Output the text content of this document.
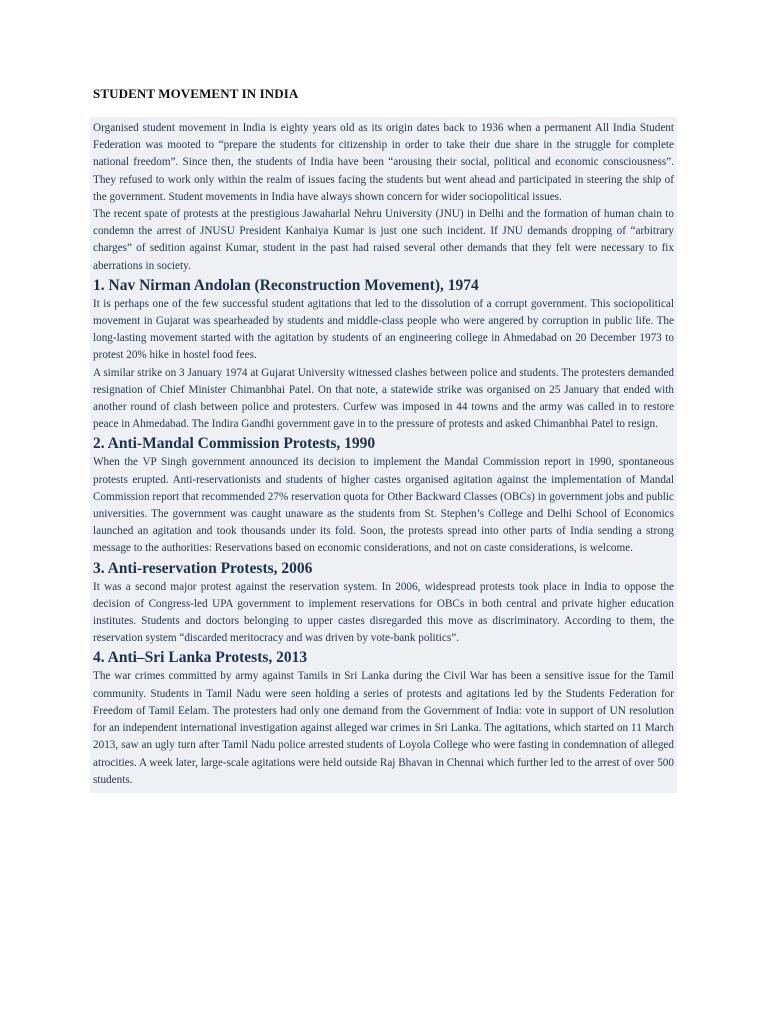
STUDENT MOVEMENT IN INDIA

Organised student movement in India is eighty years old as its origin dates back to 1936 when a permanent All India Student Federation was mooted to “prepare the students for citizenship in order to take their due share in the struggle for complete national freedom”. Since then, the students of India have been “arousing their social, political and economic consciousness”. They refused to work only within the realm of issues facing the students but went ahead and participated in steering the ship of the government. Student movements in India have always shown concern for wider sociopolitical issues.

The recent spate of protests at the prestigious Jawaharlal Nehru University (JNU) in Delhi and the formation of human chain to condemn the arrest of JNUSU President Kanhaiya Kumar is just one such incident. If JNU demands dropping of “arbitrary charges” of sedition against Kumar, student in the past had raised several other demands that they felt were necessary to fix aberrations in society.

1. Nav Nirman Andolan (Reconstruction Movement), 1974

It is perhaps one of the few successful student agitations that led to the dissolution of a corrupt government. This sociopolitical movement in Gujarat was spearheaded by students and middle-class people who were angered by corruption in public life. The long-lasting movement started with the agitation by students of an engineering college in Ahmedabad on 20 December 1973 to protest 20% hike in hostel food fees.

A similar strike on 3 January 1974 at Gujarat University witnessed clashes between police and students. The protesters demanded resignation of Chief Minister Chimanbhai Patel. On that note, a statewide strike was organised on 25 January that ended with another round of clash between police and protesters. Curfew was imposed in 44 towns and the army was called in to restore peace in Ahmedabad. The Indira Gandhi government gave in to the pressure of protests and asked Chimanbhai Patel to resign.

2. Anti-Mandal Commission Protests, 1990

When the VP Singh government announced its decision to implement the Mandal Commission report in 1990, spontaneous protests erupted. Anti-reservationists and students of higher castes organised agitation against the implementation of Mandal Commission report that recommended 27% reservation quota for Other Backward Classes (OBCs) in government jobs and public universities. The government was caught unaware as the students from St. Stephen’s College and Delhi School of Economics launched an agitation and took thousands under its fold. Soon, the protests spread into other parts of India sending a strong message to the authorities: Reservations based on economic considerations, and not on caste considerations, is welcome.

3. Anti-reservation Protests, 2006

It was a second major protest against the reservation system. In 2006, widespread protests took place in India to oppose the decision of Congress-led UPA government to implement reservations for OBCs in both central and private higher education institutes. Students and doctors belonging to upper castes disregarded this move as discriminatory. According to them, the reservation system “discarded meritocracy and was driven by vote-bank politics”.

4. Anti–Sri Lanka Protests, 2013

The war crimes committed by army against Tamils in Sri Lanka during the Civil War has been a sensitive issue for the Tamil community. Students in Tamil Nadu were seen holding a series of protests and agitations led by the Students Federation for Freedom of Tamil Eelam. The protesters had only one demand from the Government of India: vote in support of UN resolution for an independent international investigation against alleged war crimes in Sri Lanka. The agitations, which started on 11 March 2013, saw an ugly turn after Tamil Nadu police arrested students of Loyola College who were fasting in condemnation of alleged atrocities. A week later, large-scale agitations were held outside Raj Bhavan in Chennai which further led to the arrest of over 500 students.
